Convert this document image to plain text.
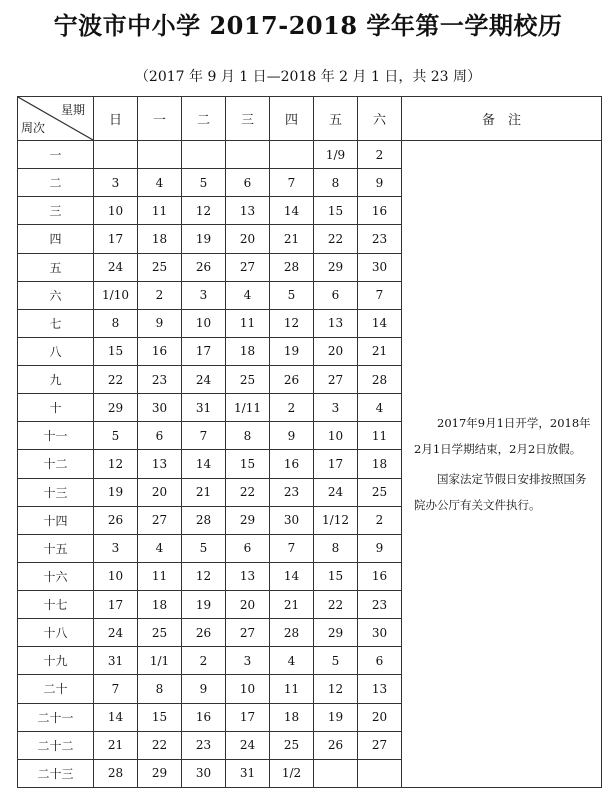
宁波市中小学 2017-2018 学年第一学期校历
（2017 年 9 月 1 日—2018 年 2 月 1 日，共 23 周）
星期
周次	日	一	二	三	四	五	六	备　注
一						1/9	2	2017年9月1日开学，2018年2月1日学期结束，2月2日放假。

国家法定节假日安排按照国务院办公厅有关文件执行。

二	3	4	5	6	7	8	9	
三	10	11	12	13	14	15	16	
四	17	18	19	20	21	22	23	
五	24	25	26	27	28	29	30	
六	1/10	2	3	4	5	6	7	
七	8	9	10	11	12	13	14	
八	15	16	17	18	19	20	21	
九	22	23	24	25	26	27	28	
十	29	30	31	1/11	2	3	4	
十一	5	6	7	8	9	10	11	
十二	12	13	14	15	16	17	18	
十三	19	20	21	22	23	24	25	
十四	26	27	28	29	30	1/12	2	
十五	3	4	5	6	7	8	9	
十六	10	11	12	13	14	15	16	
十七	17	18	19	20	21	22	23	
十八	24	25	26	27	28	29	30	
十九	31	1/1	2	3	4	5	6	
二十	7	8	9	10	11	12	13	
二十一	14	15	16	17	18	19	20	
二十二	21	22	23	24	25	26	27	
二十三	28	29	30	31	1/2			
